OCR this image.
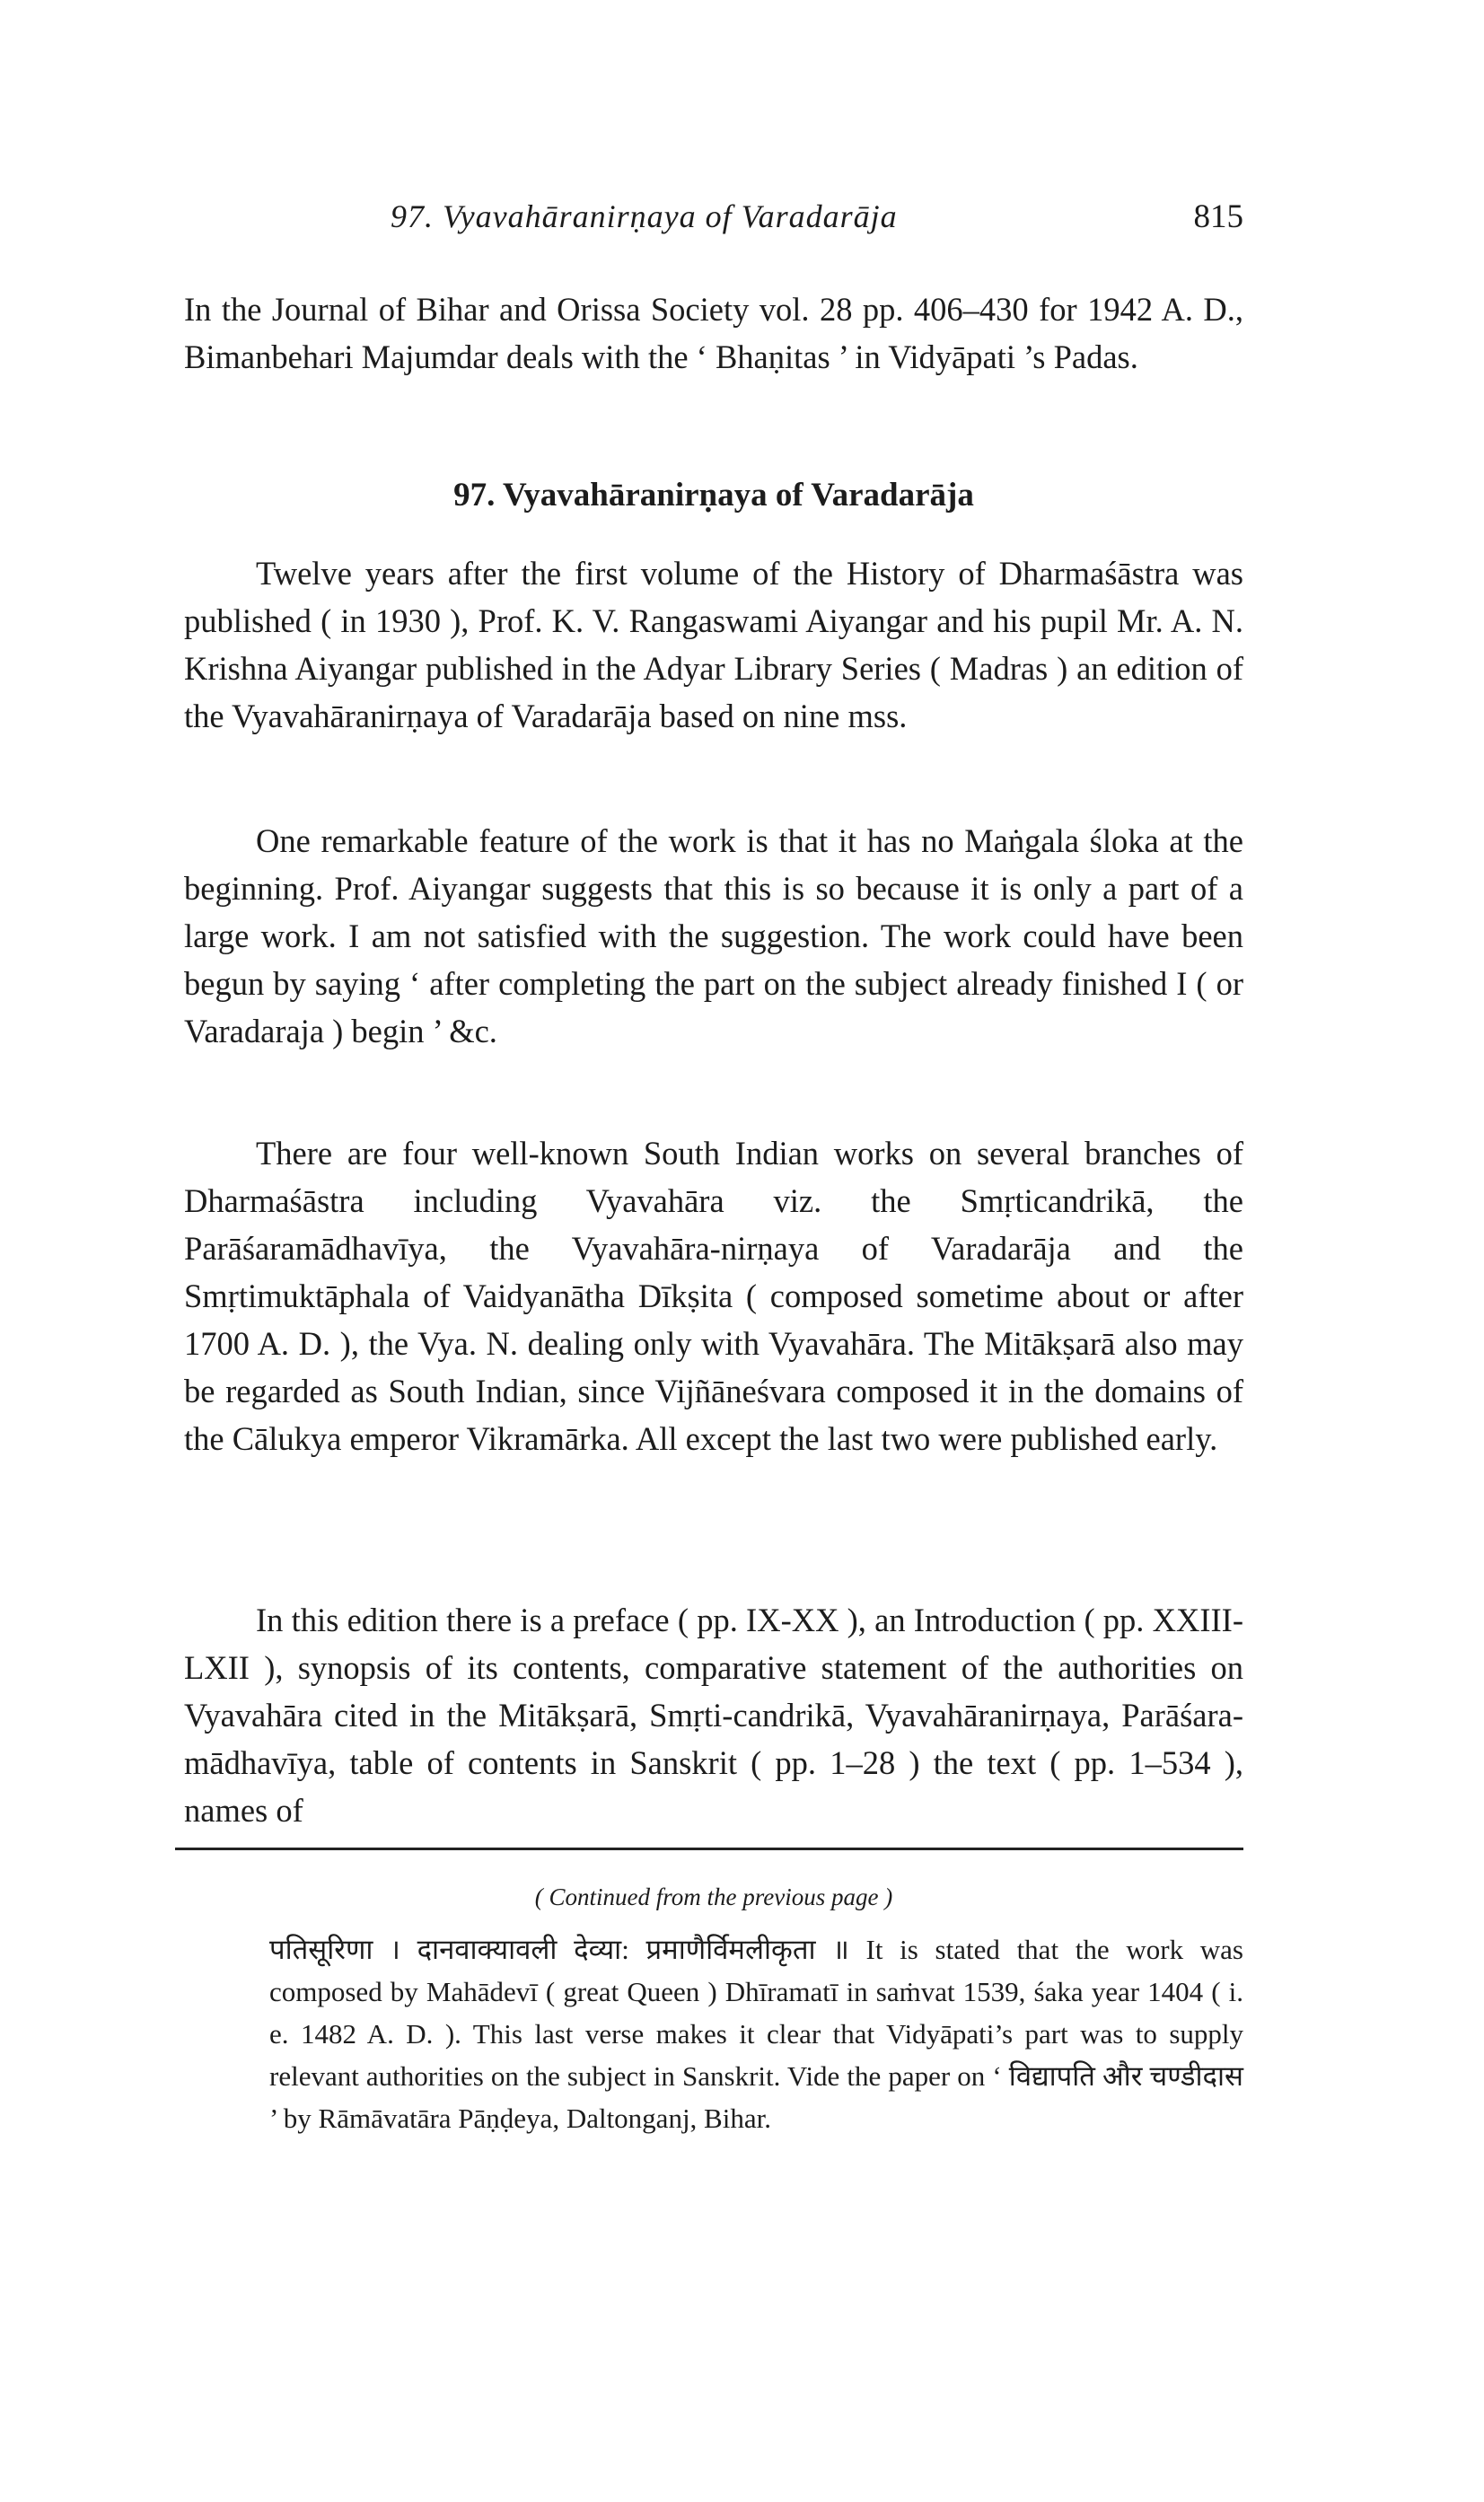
97. Vyavahāranirṇaya of Varadarāja	815

In the Journal of Bihar and Orissa Society vol. 28 pp. 406–430 for 1942 A. D., Bimanbehari Majumdar deals with the ‘ Bhaṇitas ’ in Vidyāpati ’s Padas.

97. Vyavahāranirṇaya of Varadarāja

Twelve years after the first volume of the History of Dharmaśāstra was published ( in 1930 ), Prof. K. V. Rangaswami Aiyangar and his pupil Mr. A. N. Krishna Aiyangar published in the Adyar Library Series ( Madras ) an edition of the Vyavahāranirṇaya of Varadarāja based on nine mss.

One remarkable feature of the work is that it has no Maṅgala śloka at the beginning. Prof. Aiyangar suggests that this is so because it is only a part of a large work. I am not satisfied with the suggestion. The work could have been begun by saying ‘ after completing the part on the subject already finished I ( or Varadaraja ) begin ’ &c.

There are four well-known South Indian works on several branches of Dharmaśāstra including Vyavahāra viz. the Smṛticandrikā, the Parāśaramādhavīya, the Vyavahāra-nirṇaya of Varadarāja and the Smṛtimuktāphala of Vaidyanātha Dīkṣita ( composed sometime about or after 1700 A. D. ), the Vya. N. dealing only with Vyavahāra. The Mitākṣarā also may be regarded as South Indian, since Vijñāneśvara composed it in the domains of the Cālukya emperor Vikramārka. All except the last two were published early.

In this edition there is a preface ( pp. IX-XX ), an Introduction ( pp. XXIII-LXII ), synopsis of its contents, comparative statement of the authorities on Vyavahāra cited in the Mitākṣarā, Smṛti-candrikā, Vyavahāranirṇaya, Parāśara-mādhavīya, table of contents in Sanskrit ( pp. 1–28 ) the text ( pp. 1–534 ), names of

( Continued from the previous page )

पतिसूरिणा । दानवाक्यावली देव्या: प्रमाणैर्विमलीकृता ॥ It is stated that the work was composed by Mahādevī ( great Queen ) Dhīramatī in saṁvat 1539, śaka year 1404 ( i. e. 1482 A. D. ). This last verse makes it clear that Vidyāpati’s part was to supply relevant authorities on the subject in Sanskrit. Vide the paper on ‘ विद्यापति और चण्डीदास ’ by Rāmāvatāra Pāṇḍeya, Daltonganj, Bihar.
